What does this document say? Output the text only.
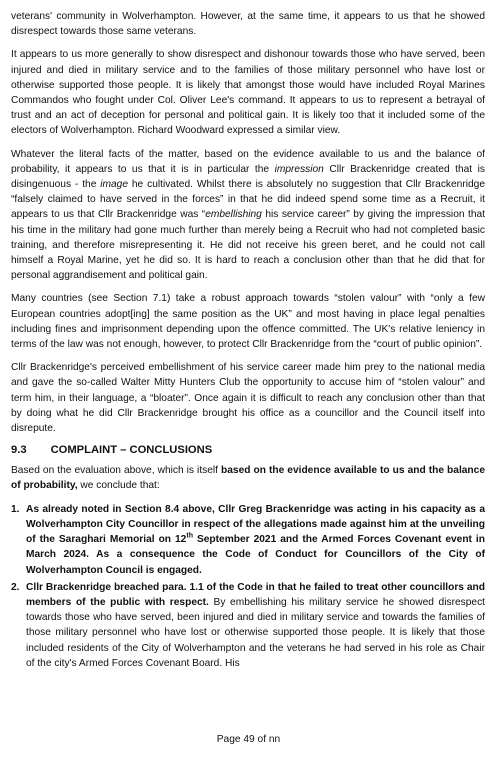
veterans' community in Wolverhampton. However, at the same time, it appears to us that he showed disrespect towards those same veterans.

It appears to us more generally to show disrespect and dishonour towards those who have served, been injured and died in military service and to the families of those military personnel who have lost or otherwise supported those people. It is likely that amongst those would have included Royal Marines Commandos who fought under Col. Oliver Lee's command. It appears to us to represent a betrayal of trust and an act of deception for personal and political gain. It is likely too that it included some of the electors of Wolverhampton. Richard Woodward expressed a similar view.

Whatever the literal facts of the matter, based on the evidence available to us and the balance of probability, it appears to us that it is in particular the impression Cllr Brackenridge created that is disingenuous - the image he cultivated. Whilst there is absolutely no suggestion that Cllr Brackenridge “falsely claimed to have served in the forces” in that he did indeed spend some time as a Recruit, it appears to us that Cllr Brackenridge was “embellishing his service career” by giving the impression that his time in the military had gone much further than merely being a Recruit who had not completed basic training, and therefore misrepresenting it. He did not receive his green beret, and he could not call himself a Royal Marine, yet he did so. It is hard to reach a conclusion other than that he did that for personal aggrandisement and political gain.

Many countries (see Section 7.1) take a robust approach towards “stolen valour” with “only a few European countries adopt[ing] the same position as the UK” and most having in place legal penalties including fines and imprisonment depending upon the offence committed. The UK's relative leniency in terms of the law was not enough, however, to protect Cllr Brackenridge from the “court of public opinion”.

Cllr Brackenridge's perceived embellishment of his service career made him prey to the national media and gave the so-called Walter Mitty Hunters Club the opportunity to accuse him of “stolen valour” and term him, in their language, a “bloater”. Once again it is difficult to reach any conclusion other than that by doing what he did Cllr Brackenridge brought his office as a councillor and the Council itself into disrepute.

9.3 COMPLAINT – CONCLUSIONS

Based on the evaluation above, which is itself based on the evidence available to us and the balance of probability, we conclude that:

1. As already noted in Section 8.4 above, Cllr Greg Brackenridge was acting in his capacity as a Wolverhampton City Councillor in respect of the allegations made against him at the unveiling of the Saraghari Memorial on 12th September 2021 and the Armed Forces Covenant event in March 2024. As a consequence the Code of Conduct for Councillors of the City of Wolverhampton Council is engaged.
2. Cllr Brackenridge breached para. 1.1 of the Code in that he failed to treat other councillors and members of the public with respect. By embellishing his military service he showed disrespect towards those who have served, been injured and died in military service and towards the families of those military personnel who have lost or otherwise supported those people. It is likely that those included residents of the City of Wolverhampton and the veterans he had served in his role as Chair of the city's Armed Forces Covenant Board. His
Page 49 of nn
